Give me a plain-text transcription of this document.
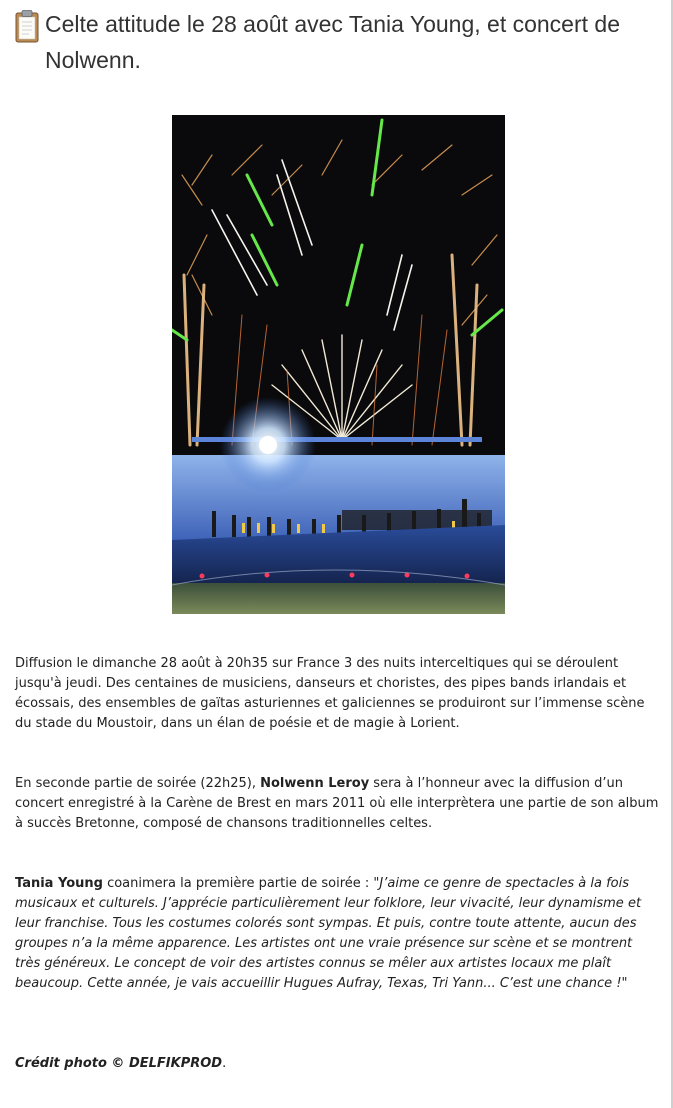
Celte attitude le 28 août avec Tania Young, et concert de Nolwenn.

Diffusion le dimanche 28 août à 20h35 sur France 3 des nuits interceltiques qui se déroulent jusqu'à jeudi. Des centaines de musiciens, danseurs et choristes, des pipes bands irlandais et écossais, des ensembles de gaïtas asturiennes et galiciennes se produiront sur l’immense scène du stade du Moustoir, dans un élan de poésie et de magie à Lorient.

En seconde partie de soirée (22h25), Nolwenn Leroy sera à l’honneur avec la diffusion d’un concert enregistré à la Carène de Brest en mars 2011 où elle interprètera une partie de son album à succès Bretonne, composé de chansons traditionnelles celtes.

Tania Young coanimera la première partie de soirée : "J’aime ce genre de spectacles à la fois musicaux et culturels. J’apprécie particulièrement leur folklore, leur vivacité, leur dynamisme et leur franchise. Tous les costumes colorés sont sympas. Et puis, contre toute attente, aucun des groupes n’a la même apparence. Les artistes ont une vraie présence sur scène et se montrent très généreux. Le concept de voir des artistes connus se mêler aux artistes locaux me plaît beaucoup. Cette année, je vais accueillir Hugues Aufray, Texas, Tri Yann... C’est une chance !"

Crédit photo © DELFIKPROD.
